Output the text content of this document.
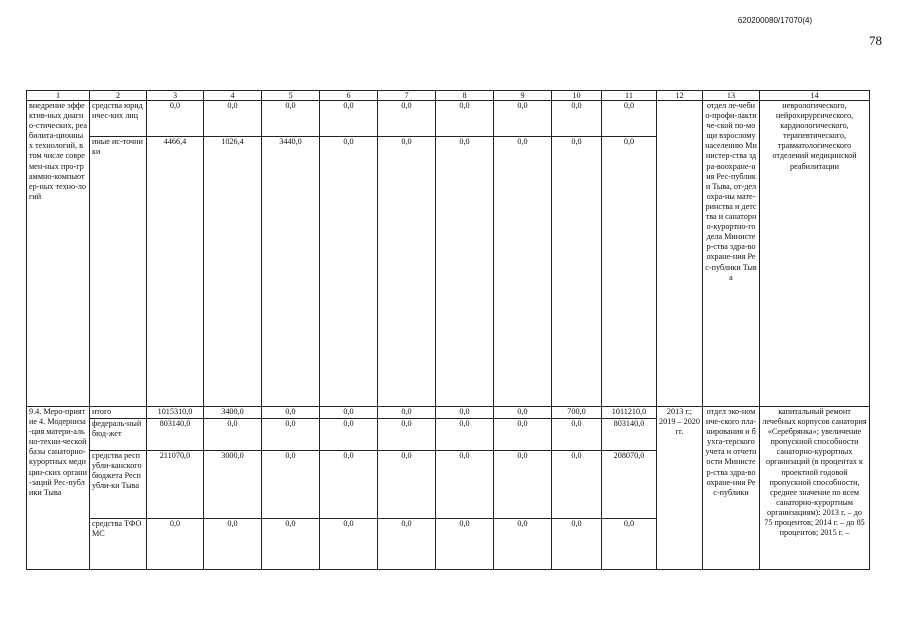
620200080/17070(4)
78
1	2	3	4	5	6	7	8	9	10	11	12	13	14
внедрение эффектив-ных диагно-стических, реабилита-ционных технологий, в том числе современ-ных про-граммно-компьютер-ных техно-логий	средства юридичес-ких лиц	0,0	0,0	0,0	0,0	0,0	0,0	0,0	0,0	0,0		отдел ле-чебно-профи-лактиче-ской по-мощи взрослому населению Министер-ства здра-воохране-ния Рес-публики Тыва, от-дел охра-ны мате-ринства и детства и санаторно-курортно-го дела Министер-ства здра-воохране-ния Рес-публики Тыва	неврологического, нейрохирургического, кардиологического, терапевтического, травматологического отделений медицинской реабилитации
	иные ис-точники	4466,4	1026,4	3440,0	0,0	0,0	0,0	0,0	0,0	0,0			
9.4. Меро-приятие 4. Модерниза-ция матери-ально-техни-ческой базы санаторно-курортных медицин-ских органи-заций Рес-публики Тыва	итого	1015310,0	3400,0	0,0	0,0	0,0	0,0	0,0	700,0	1011210,0	2013 г.; 2019 – 2020 гг.	отдел эко-номиче-ского пла-нирования и бухга-терского учета и отчетности Министер-ства здра-воохране-ния Рес-публики	капитальный ремонт лечебных корпусов санатория «Серебрянка»; увеличение пропускной способности санаторно-курортных организаций (в процентах к проектной годовой пропускной способности, среднее значение по всем санаторно-курортным организациям): 2013 г. – до 75 процентов; 2014 г. – до 85 процентов; 2015 г. –
	федераль-ный бюд-жет	803140,0	0,0	0,0	0,0	0,0	0,0	0,0	0,0	803140,0			
	средства республи-канского бюджета Республи-ки Тыва	211070,0	3000,0	0,0	0,0	0,0	0,0	0,0	0,0	208070,0			
	средства ТФОМС	0,0	0,0	0,0	0,0	0,0	0,0	0,0	0,0	0,0			
